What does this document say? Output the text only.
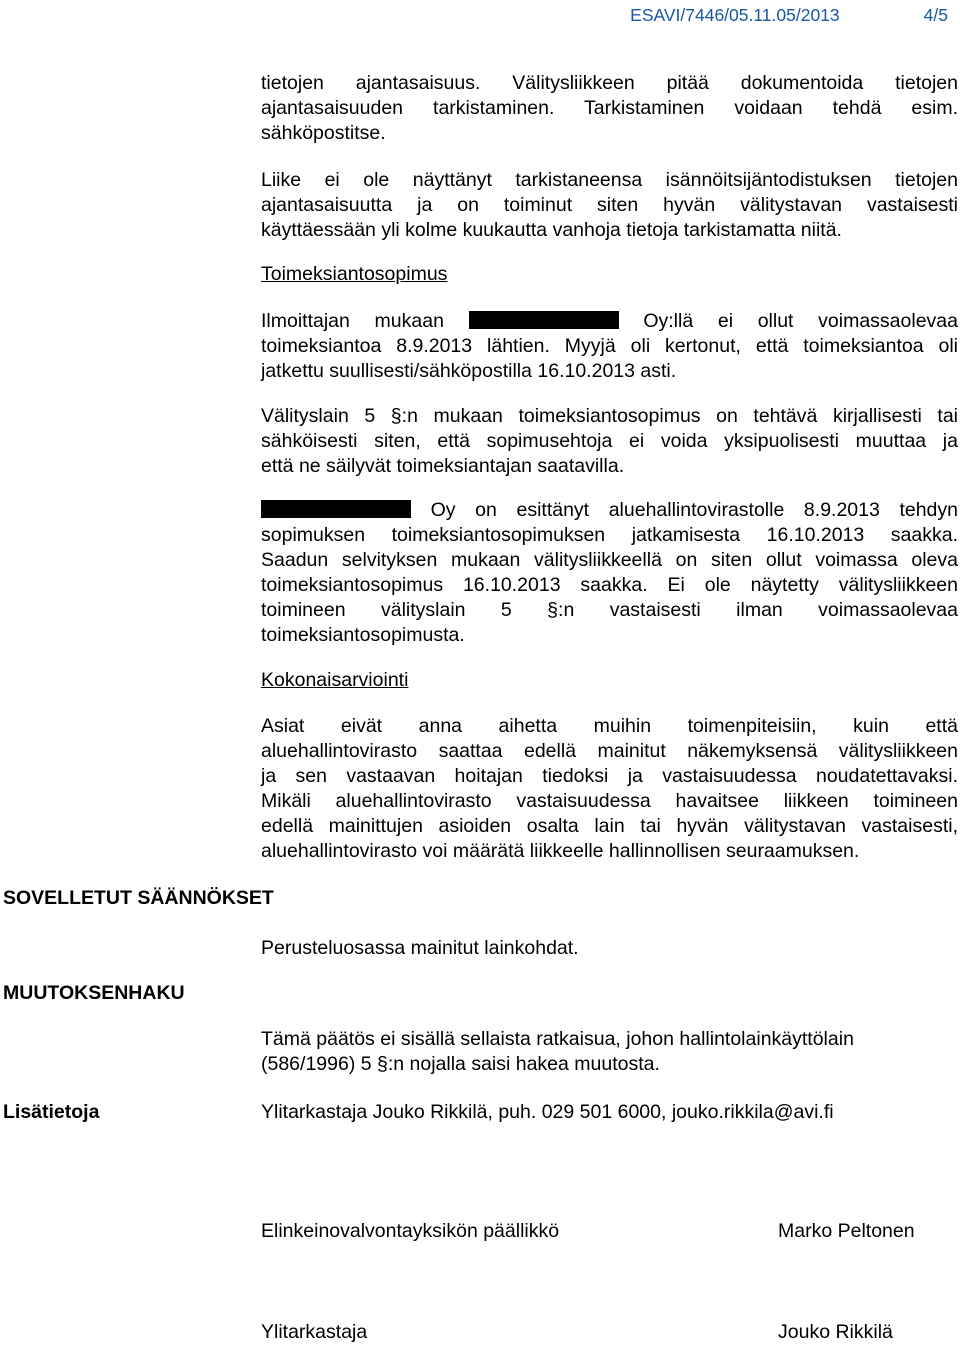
ESAVI/7446/05.11.05/2013	4/5
tietojen ajantasaisuus. Välitysliikkeen pitää dokumentoida tietojen
ajantasaisuuden tarkistaminen. Tarkistaminen voidaan tehdä esim.
sähköpostitse.
Liike ei ole näyttänyt tarkistaneensa isännöitsijäntodistuksen tietojen
ajantasaisuutta ja on toiminut siten hyvän välitystavan vastaisesti
käyttäessään yli kolme kuukautta vanhoja tietoja tarkistamatta niitä.

Toimeksiantosopimus

Ilmoittajan mukaan	Oy:llä ei ollut voimassaolevaa
toimeksiantoa 8.9.2013 lähtien. Myyjä oli kertonut, että toimeksiantoa oli
jatkettu suullisesti/sähköpostilla 16.10.2013 asti.
Välityslain 5 §:n mukaan toimeksiantosopimus on tehtävä kirjallisesti tai
sähköisesti siten, että sopimusehtoja ei voida yksipuolisesti muuttaa ja
että ne säilyvät toimeksiantajan saatavilla.
Oy on esittänyt aluehallintovirastolle 8.9.2013 tehdyn
sopimuksen toimeksiantosopimuksen jatkamisesta 16.10.2013 saakka.
Saadun selvityksen mukaan välitysliikkeellä on siten ollut voimassa oleva
toimeksiantosopimus 16.10.2013 saakka. Ei ole näytetty välitysliikkeen
toimineen välityslain 5 §:n vastaisesti ilman voimassaolevaa
toimeksiantosopimusta.

Kokonaisarviointi

Asiat eivät anna aihetta muihin toimenpiteisiin, kuin että
aluehallintovirasto saattaa edellä mainitut näkemyksensä välitysliikkeen
ja sen vastaavan hoitajan tiedoksi ja vastaisuudessa noudatettavaksi.
Mikäli aluehallintovirasto vastaisuudessa havaitsee liikkeen toimineen
edellä mainittujen asioiden osalta lain tai hyvän välitystavan vastaisesti,
aluehallintovirasto voi määrätä liikkeelle hallinnollisen seuraamuksen.

SOVELLETUT SÄÄNNÖKSET

Perusteluosassa mainitut lainkohdat.

MUUTOKSENHAKU

Tämä päätös ei sisällä sellaista ratkaisua, johon hallintolainkäyttölain
(586/1996) 5 §:n nojalla saisi hakea muutosta.

Lisätietoja	Ylitarkastaja Jouko Rikkilä, puh. 029 501 6000, jouko.rikkila@avi.fi

Elinkeinovalvontayksikön päällikkö	Marko Peltonen

Ylitarkastaja	Jouko Rikkilä
